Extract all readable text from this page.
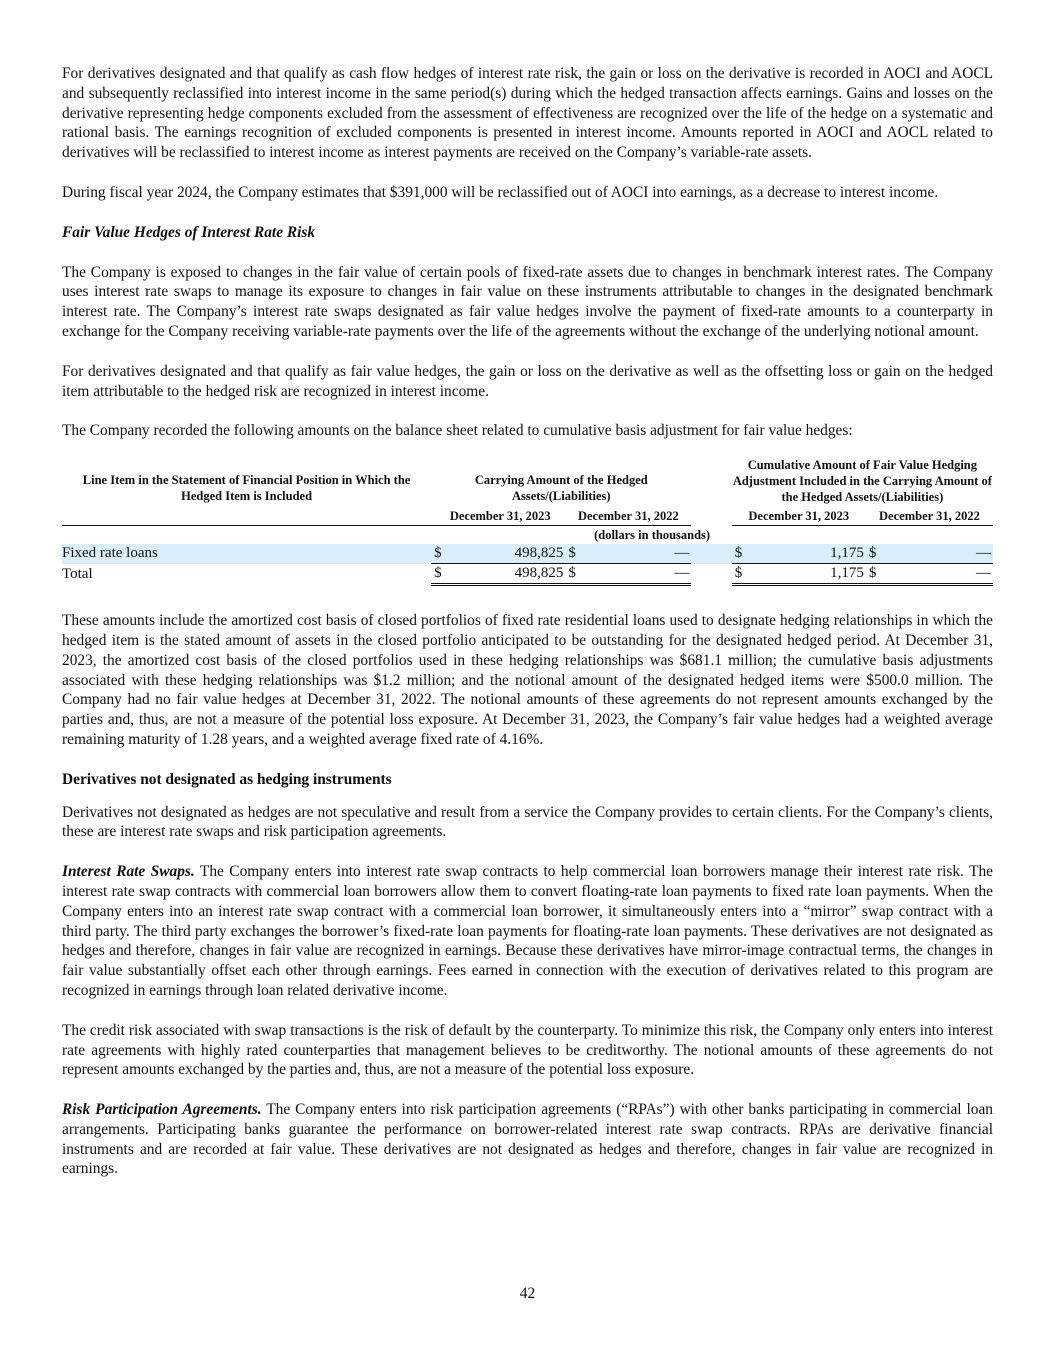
For derivatives designated and that qualify as cash flow hedges of interest rate risk, the gain or loss on the derivative is recorded in AOCI and AOCL and subsequently reclassified into interest income in the same period(s) during which the hedged transaction affects earnings. Gains and losses on the derivative representing hedge components excluded from the assessment of effectiveness are recognized over the life of the hedge on a systematic and rational basis. The earnings recognition of excluded components is presented in interest income. Amounts reported in AOCI and AOCL related to derivatives will be reclassified to interest income as interest payments are received on the Company’s variable-rate assets.

During fiscal year 2024, the Company estimates that $391,000 will be reclassified out of AOCI into earnings, as a decrease to interest income.

Fair Value Hedges of Interest Rate Risk

The Company is exposed to changes in the fair value of certain pools of fixed-rate assets due to changes in benchmark interest rates. The Company uses interest rate swaps to manage its exposure to changes in fair value on these instruments attributable to changes in the designated benchmark interest rate. The Company’s interest rate swaps designated as fair value hedges involve the payment of fixed-rate amounts to a counterparty in exchange for the Company receiving variable-rate payments over the life of the agreements without the exchange of the underlying notional amount.

For derivatives designated and that qualify as fair value hedges, the gain or loss on the derivative as well as the offsetting loss or gain on the hedged item attributable to the hedged risk are recognized in interest income.

The Company recorded the following amounts on the balance sheet related to cumulative basis adjustment for fair value hedges:

Line Item in the Statement of Financial Position in Which the Hedged Item is Included	Carrying Amount of the Hedged Assets/(Liabilities)					Cumulative Amount of Fair Value Hedging Adjustment Included in the Carrying Amount of the Hedged Assets/(Liabilities)			
	December 31, 2023		December 31, 2022			December 31, 2023		December 31, 2022	
	(dollars in thousands)								
Fixed rate loans	$	498,825	$	—		$	1,175	$	—
Total	$	498,825	$	—		$	1,175	$	—

These amounts include the amortized cost basis of closed portfolios of fixed rate residential loans used to designate hedging relationships in which the hedged item is the stated amount of assets in the closed portfolio anticipated to be outstanding for the designated hedged period. At December 31, 2023, the amortized cost basis of the closed portfolios used in these hedging relationships was $681.1 million; the cumulative basis adjustments associated with these hedging relationships was $1.2 million; and the notional amount of the designated hedged items were $500.0 million. The Company had no fair value hedges at December 31, 2022. The notional amounts of these agreements do not represent amounts exchanged by the parties and, thus, are not a measure of the potential loss exposure. At December 31, 2023, the Company’s fair value hedges had a weighted average remaining maturity of 1.28 years, and a weighted average fixed rate of 4.16%.

Derivatives not designated as hedging instruments

Derivatives not designated as hedges are not speculative and result from a service the Company provides to certain clients. For the Company’s clients, these are interest rate swaps and risk participation agreements.

Interest Rate Swaps. The Company enters into interest rate swap contracts to help commercial loan borrowers manage their interest rate risk. The interest rate swap contracts with commercial loan borrowers allow them to convert floating-rate loan payments to fixed rate loan payments. When the Company enters into an interest rate swap contract with a commercial loan borrower, it simultaneously enters into a “mirror” swap contract with a third party. The third party exchanges the borrower’s fixed-rate loan payments for floating-rate loan payments. These derivatives are not designated as hedges and therefore, changes in fair value are recognized in earnings. Because these derivatives have mirror-image contractual terms, the changes in fair value substantially offset each other through earnings. Fees earned in connection with the execution of derivatives related to this program are recognized in earnings through loan related derivative income.

The credit risk associated with swap transactions is the risk of default by the counterparty. To minimize this risk, the Company only enters into interest rate agreements with highly rated counterparties that management believes to be creditworthy. The notional amounts of these agreements do not represent amounts exchanged by the parties and, thus, are not a measure of the potential loss exposure.

Risk Participation Agreements. The Company enters into risk participation agreements (“RPAs”) with other banks participating in commercial loan arrangements. Participating banks guarantee the performance on borrower-related interest rate swap contracts. RPAs are derivative financial instruments and are recorded at fair value. These derivatives are not designated as hedges and therefore, changes in fair value are recognized in earnings.

42
